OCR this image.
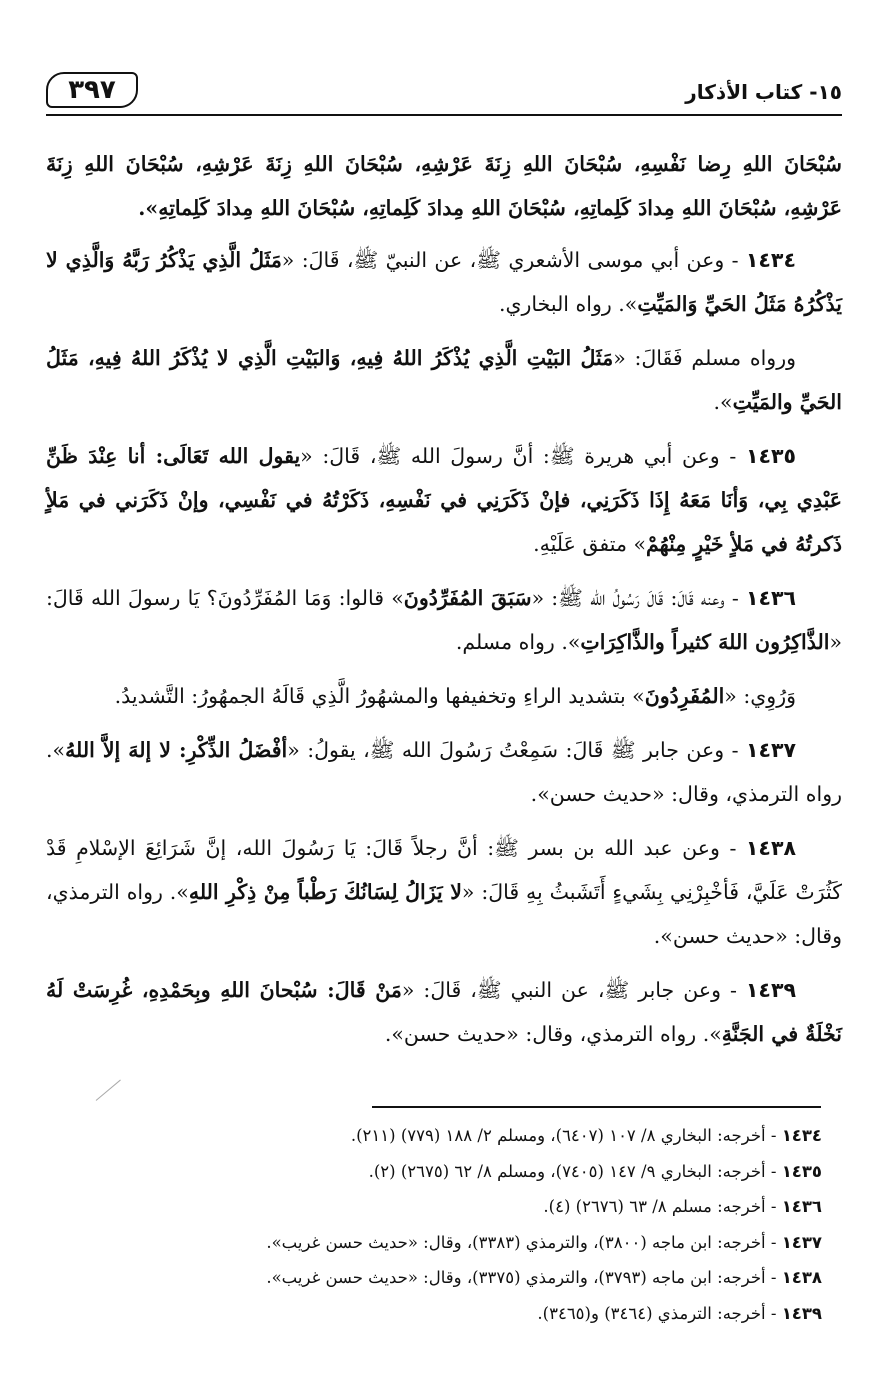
٣٩٧	١٥- كتاب الأذكار

سُبْحَانَ اللهِ رِضا نَفْسِهِ، سُبْحَانَ اللهِ زِنَةَ عَرْشِهِ، سُبْحَانَ اللهِ زِنَةَ عَرْشِهِ، سُبْحَانَ اللهِ زِنَةَ عَرْشِهِ، سُبْحَانَ اللهِ مِدادَ كَلِماتِهِ، سُبْحَانَ اللهِ مِدادَ كَلِماتِهِ، سُبْحَانَ اللهِ مِدادَ كَلِماتِهِ».

١٤٣٤ - وعن أبي موسى الأشعري ﷺ، عن النبيّ ﷺ، قَالَ: «مَثَلُ الَّذِي يَذْكُرُ رَبَّهُ وَالَّذِي لا يَذْكُرُهُ مَثَلُ الحَيِّ وَالمَيِّتِ». رواه البخاري.

ورواه مسلم فَقَالَ: «مَثَلُ البَيْتِ الَّذِي يُذْكَرُ اللهُ فِيهِ، وَالبَيْتِ الَّذِي لا يُذْكَرُ اللهُ فِيهِ، مَثَلُ الحَيِّ والمَيِّتِ».

١٤٣٥ - وعن أبي هريرة ﷺ: أنَّ رسولَ الله ﷺ، قَالَ: «يقول الله تَعَالَى: أنا عِنْدَ ظَنِّ عَبْدِي بِي، وَأنَا مَعَهُ إِذَا ذَكَرَنِي، فإنْ ذَكَرَنِي في نَفْسِهِ، ذَكَرْتُهُ في نَفْسِي، وإنْ ذَكَرَني في مَلأٍ ذَكرتُهُ في مَلأٍ خَيْرٍ مِنْهُمْ» متفق عَلَيْهِ.

١٤٣٦ - وعنه قَالَ: قَالَ رَسُولُ الله ﷺ: «سَبَقَ المُفَرِّدُونَ» قالوا: وَمَا المُفَرِّدُونَ؟ يَا رسولَ الله قَالَ: «الذَّاكِرُون اللهَ كثيراً والذَّاكِرَاتِ». رواه مسلم.

وَرُوِي: «المُفَرِدُونَ» بتشديد الراءِ وتخفيفها والمشهُورُ الَّذِي قَالَهُ الجمهُورُ: التَّشديدُ.

١٤٣٧ - وعن جابر ﷺ قَالَ: سَمِعْتُ رَسُولَ الله ﷺ، يقولُ: «أفْضَلُ الذِّكْرِ: لا إلهَ إلاَّ اللهُ». رواه الترمذي، وقال: «حديث حسن».

١٤٣٨ - وعن عبد الله بن بسر ﷺ: أنَّ رجلاً قَالَ: يَا رَسُولَ الله، إنَّ شَرَائِعَ الإسْلامِ قَدْ كَثُرَتْ عَلَيَّ، فَأخْبِرْنِي بِشَيءٍ أَتَشَبثُ بِهِ قَالَ: «لا يَزَالُ لِسَانُكَ رَطْباً مِنْ ذِكْرِ اللهِ». رواه الترمذي، وقال: «حديث حسن».

١٤٣٩ - وعن جابر ﷺ، عن النبي ﷺ، قَالَ: «مَنْ قَالَ: سُبْحانَ اللهِ وبِحَمْدِهِ، غُرِسَتْ لَهُ نَخْلَةٌ في الجَنَّةِ». رواه الترمذي، وقال: «حديث حسن».

١٤٣٤ - أخرجه: البخاري ٨/ ١٠٧ (٦٤٠٧)، ومسلم ٢/ ١٨٨ (٧٧٩) (٢١١).
١٤٣٥ - أخرجه: البخاري ٩/ ١٤٧ (٧٤٠٥)، ومسلم ٨/ ٦٢ (٢٦٧٥) (٢).
١٤٣٦ - أخرجه: مسلم ٨/ ٦٣ (٢٦٧٦) (٤).
١٤٣٧ - أخرجه: ابن ماجه (٣٨٠٠)، والترمذي (٣٣٨٣)، وقال: «حديث حسن غريب».
١٤٣٨ - أخرجه: ابن ماجه (٣٧٩٣)، والترمذي (٣٣٧٥)، وقال: «حديث حسن غريب».
١٤٣٩ - أخرجه: الترمذي (٣٤٦٤) و(٣٤٦٥).
